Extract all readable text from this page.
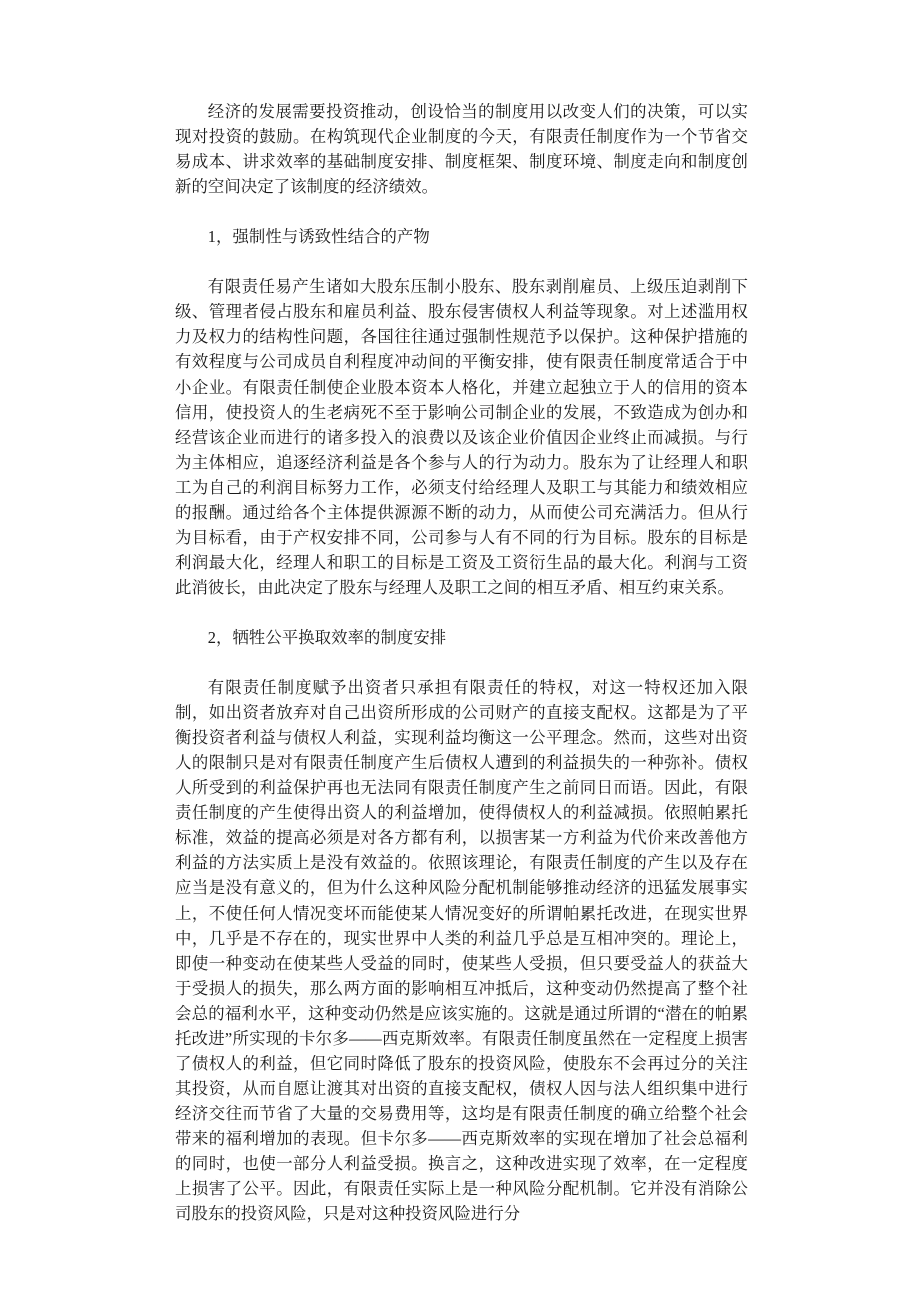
经济的发展需要投资推动，创设恰当的制度用以改变人们的决策，可以实现对投资的鼓励。在构筑现代企业制度的今天，有限责任制度作为一个节省交易成本、讲求效率的基础制度安排、制度框架、制度环境、制度走向和制度创新的空间决定了该制度的经济绩效。

1，强制性与诱致性结合的产物

有限责任易产生诸如大股东压制小股东、股东剥削雇员、上级压迫剥削下级、管理者侵占股东和雇员利益、股东侵害债权人利益等现象。对上述滥用权力及权力的结构性问题，各国往往通过强制性规范予以保护。这种保护措施的有效程度与公司成员自利程度冲动间的平衡安排，使有限责任制度常适合于中小企业。有限责任制使企业股本资本人格化，并建立起独立于人的信用的资本信用，使投资人的生老病死不至于影响公司制企业的发展，不致造成为创办和经营该企业而进行的诸多投入的浪费以及该企业价值因企业终止而减损。与行为主体相应，追逐经济利益是各个参与人的行为动力。股东为了让经理人和职工为自己的利润目标努力工作，必须支付给经理人及职工与其能力和绩效相应的报酬。通过给各个主体提供源源不断的动力，从而使公司充满活力。但从行为目标看，由于产权安排不同，公司参与人有不同的行为目标。股东的目标是利润最大化，经理人和职工的目标是工资及工资衍生品的最大化。利润与工资此消彼长，由此决定了股东与经理人及职工之间的相互矛盾、相互约束关系。

2，牺牲公平换取效率的制度安排

有限责任制度赋予出资者只承担有限责任的特权，对这一特权还加入限制，如出资者放弃对自己出资所形成的公司财产的直接支配权。这都是为了平衡投资者利益与债权人利益，实现利益均衡这一公平理念。然而，这些对出资人的限制只是对有限责任制度产生后债权人遭到的利益损失的一种弥补。债权人所受到的利益保护再也无法同有限责任制度产生之前同日而语。因此，有限责任制度的产生使得出资人的利益增加，使得债权人的利益减损。依照帕累托标准，效益的提高必须是对各方都有利，以损害某一方利益为代价来改善他方利益的方法实质上是没有效益的。依照该理论，有限责任制度的产生以及存在应当是没有意义的，但为什么这种风险分配机制能够推动经济的迅猛发展事实上，不使任何人情况变坏而能使某人情况变好的所谓帕累托改进，在现实世界中，几乎是不存在的，现实世界中人类的利益几乎总是互相冲突的。理论上，即使一种变动在使某些人受益的同时，使某些人受损，但只要受益人的获益大于受损人的损失，那么两方面的影响相互冲抵后，这种变动仍然提高了整个社会总的福利水平，这种变动仍然是应该实施的。这就是通过所谓的“潜在的帕累托改进”所实现的卡尔多——西克斯效率。有限责任制度虽然在一定程度上损害了债权人的利益，但它同时降低了股东的投资风险，使股东不会再过分的关注其投资，从而自愿让渡其对出资的直接支配权，债权人因与法人组织集中进行经济交往而节省了大量的交易费用等，这均是有限责任制度的确立给整个社会带来的福利增加的表现。但卡尔多——西克斯效率的实现在增加了社会总福利的同时，也使一部分人利益受损。换言之，这种改进实现了效率，在一定程度上损害了公平。因此，有限责任实际上是一种风险分配机制。它并没有消除公司股东的投资风险，只是对这种投资风险进行分
